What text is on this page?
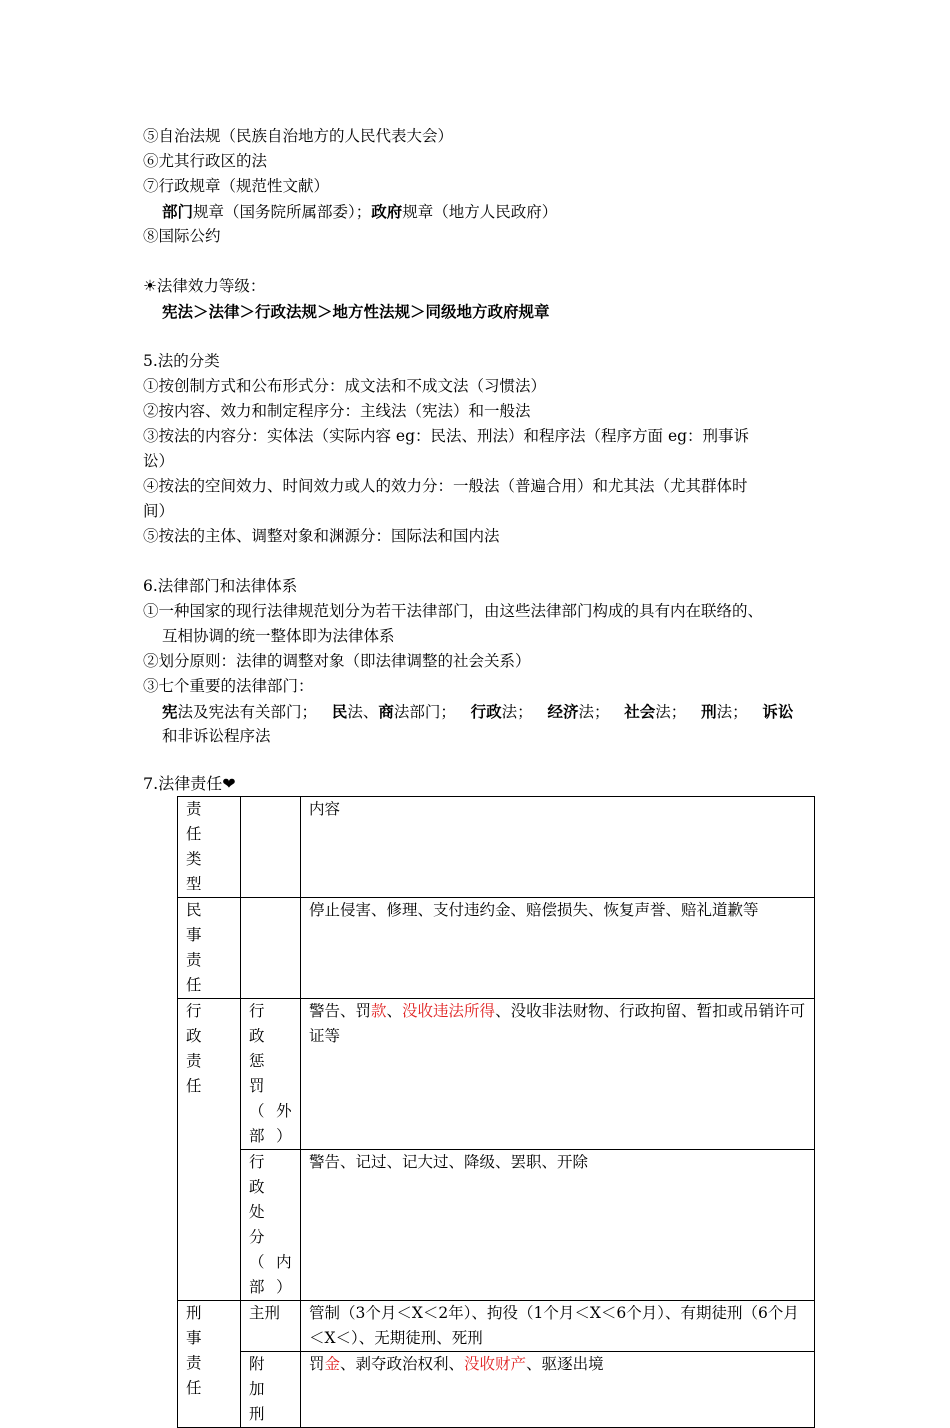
⑤自治法规（民族自治地方的人民代表大会）
⑥尤其行政区的法
⑦行政规章（规范性文献）
部门规章（国务院所属部委）；政府规章（地方人民政府）
⑧国际公约
☀法律效力等级：
宪法＞法律＞行政法规＞地方性法规＞同级地方政府规章
5.法的分类
①按创制方式和公布形式分：成文法和不成文法（习惯法）
②按内容、效力和制定程序分：主线法（宪法）和一般法
③按法的内容分：实体法（实际内容 eg：民法、刑法）和程序法（程序方面 eg：刑事诉
讼）
④按法的空间效力、时间效力或人的效力分：一般法（普遍合用）和尤其法（尤其群体时
间）
⑤按法的主体、调整对象和渊源分：国际法和国内法
6.法律部门和法律体系
①一种国家的现行法律规范划分为若干法律部门，由这些法律部门构成的具有内在联络的、
互相协调的统一整体即为法律体系
②划分原则：法律的调整对象（即法律调整的社会关系）
③七个重要的法律部门：
宪法及宪法有关部门； 民法、商法部门； 行政法； 经济法； 社会法； 刑法； 诉讼
和非诉讼程序法
7.法律责任❤
责任类型		内容

民事责任		停止侵害、修理、支付违约金、赔偿损失、恢复声誉、赔礼道歉等

行政责任	行政惩罚（外部）	警告、罚款、没收违法所得、没收非法财物、行政拘留、暂扣或吊销许可证等

	行政处分（内部）	警告、记过、记大过、降级、罢职、开除

刑事责任	主刑	管制（3个月＜X＜2年）、拘役（1个月＜X＜6个月）、有期徒刑（6个月＜X＜）、无期徒刑、死刑

	附加刑	罚金、剥夺政治权利、没收财产、驱逐出境
